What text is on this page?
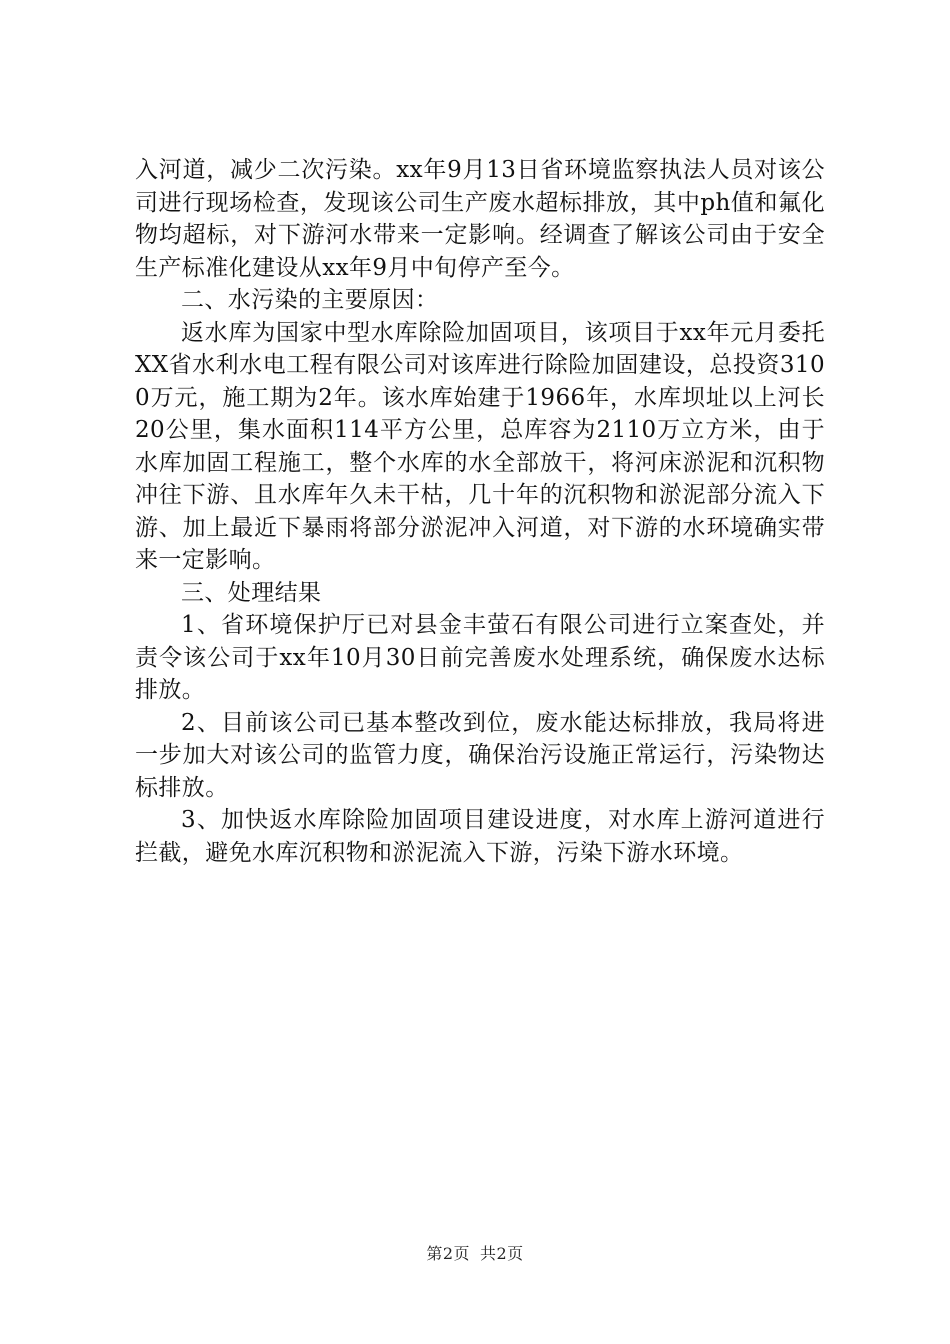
入河道，减少二次污染。xx年9月13日省环境监察执法人员对该公司进行现场检查，发现该公司生产废水超标排放，其中ph值和氟化物均超标，对下游河水带来一定影响。经调查了解该公司由于安全生产标准化建设从xx年9月中旬停产至今。

二、水污染的主要原因：

返水库为国家中型水库除险加固项目，该项目于xx年元月委托XX省水利水电工程有限公司对该库进行除险加固建设，总投资3100万元，施工期为2年。该水库始建于1966年，水库坝址以上河长20公里，集水面积114平方公里，总库容为2110万立方米，由于水库加固工程施工，整个水库的水全部放干，将河床淤泥和沉积物冲往下游、且水库年久未干枯，几十年的沉积物和淤泥部分流入下游、加上最近下暴雨将部分淤泥冲入河道，对下游的水环境确实带来一定影响。

三、处理结果

1、省环境保护厅已对县金丰萤石有限公司进行立案查处，并责令该公司于xx年10月30日前完善废水处理系统，确保废水达标排放。

2、目前该公司已基本整改到位，废水能达标排放，我局将进一步加大对该公司的监管力度，确保治污设施正常运行，污染物达标排放。

3、加快返水库除险加固项目建设进度，对水库上游河道进行拦截，避免水库沉积物和淤泥流入下游，污染下游水环境。

第2页 共2页
